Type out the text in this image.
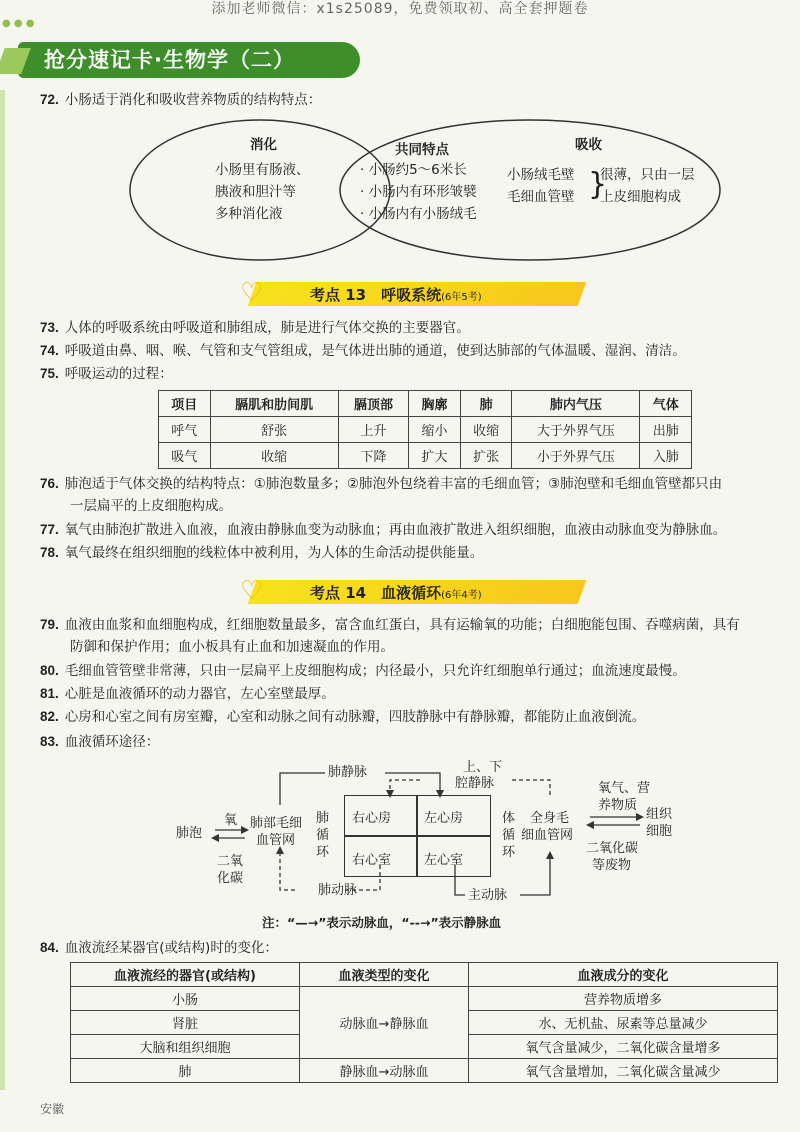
添加老师微信：x1s25089，免费领取初、高全套押题卷
● ● ●
抢分速记卡·生物学（二）
72. 小肠适于消化和吸收营养物质的结构特点：
消化
小肠里有肠液、
胰液和胆汁等
多种消化液
共同特点
· 小肠约5～6米长
· 小肠内有环形皱襞
· 小肠内有小肠绒毛
吸收
小肠绒毛壁
毛细血管壁 }
很薄，只由一层
上皮细胞构成
♡	考点 13　呼吸系统(6年5考)
73. 人体的呼吸系统由呼吸道和肺组成，肺是进行气体交换的主要器官。
74. 呼吸道由鼻、咽、喉、气管和支气管组成，是气体进出肺的通道，使到达肺部的气体温暖、湿润、清洁。
75. 呼吸运动的过程：
项目	膈肌和肋间肌	膈顶部	胸廓	肺	肺内气压	气体
呼气	舒张	上升	缩小	收缩	大于外界气压	出肺
吸气	收缩	下降	扩大	扩张	小于外界气压	入肺
76. 肺泡适于气体交换的结构特点：①肺泡数量多；②肺泡外包绕着丰富的毛细血管；③肺泡壁和毛细血管壁都只由
一层扁平的上皮细胞构成。
77. 氧气由肺泡扩散进入血液，血液由静脉血变为动脉血；再由血液扩散进入组织细胞，血液由动脉血变为静脉血。
78. 氧气最终在组织细胞的线粒体中被利用，为人体的生命活动提供能量。
♡	考点 14　血液循环(6年4考)
79. 血液由血浆和血细胞构成，红细胞数量最多，富含血红蛋白，具有运输氧的功能；白细胞能包围、吞噬病菌，具有
防御和保护作用；血小板具有止血和加速凝血的作用。
80. 毛细血管管壁非常薄，只由一层扁平上皮细胞构成；内径最小，只允许红细胞单行通过；血流速度最慢。
81. 心脏是血液循环的动力器官，左心室壁最厚。
82. 心房和心室之间有房室瓣，心室和动脉之间有动脉瓣，四肢静脉中有静脉瓣，都能防止血液倒流。
83. 血液循环途径：
右心房	左心房
右心室	左心室
肺静脉
肺动脉
上、下
腔静脉
主动脉
肺泡
氧
二氧
化碳
肺部毛细
血管网
肺
循
环
体
循
环
全身毛
细血管网
氧气、营
养物质
组织
细胞
二氧化碳
等废物
注：“—→”表示动脉血，“--→”表示静脉血
84. 血液流经某器官(或结构)时的变化：
血液流经的器官(或结构)	血液类型的变化	血液成分的变化
小肠	动脉血→静脉血	营养物质增多
肾脏		水、无机盐、尿素等总量减少
大脑和组织细胞		氧气含量减少，二氧化碳含量增多
肺	静脉血→动脉血	氧气含量增加，二氧化碳含量减少
安徽
